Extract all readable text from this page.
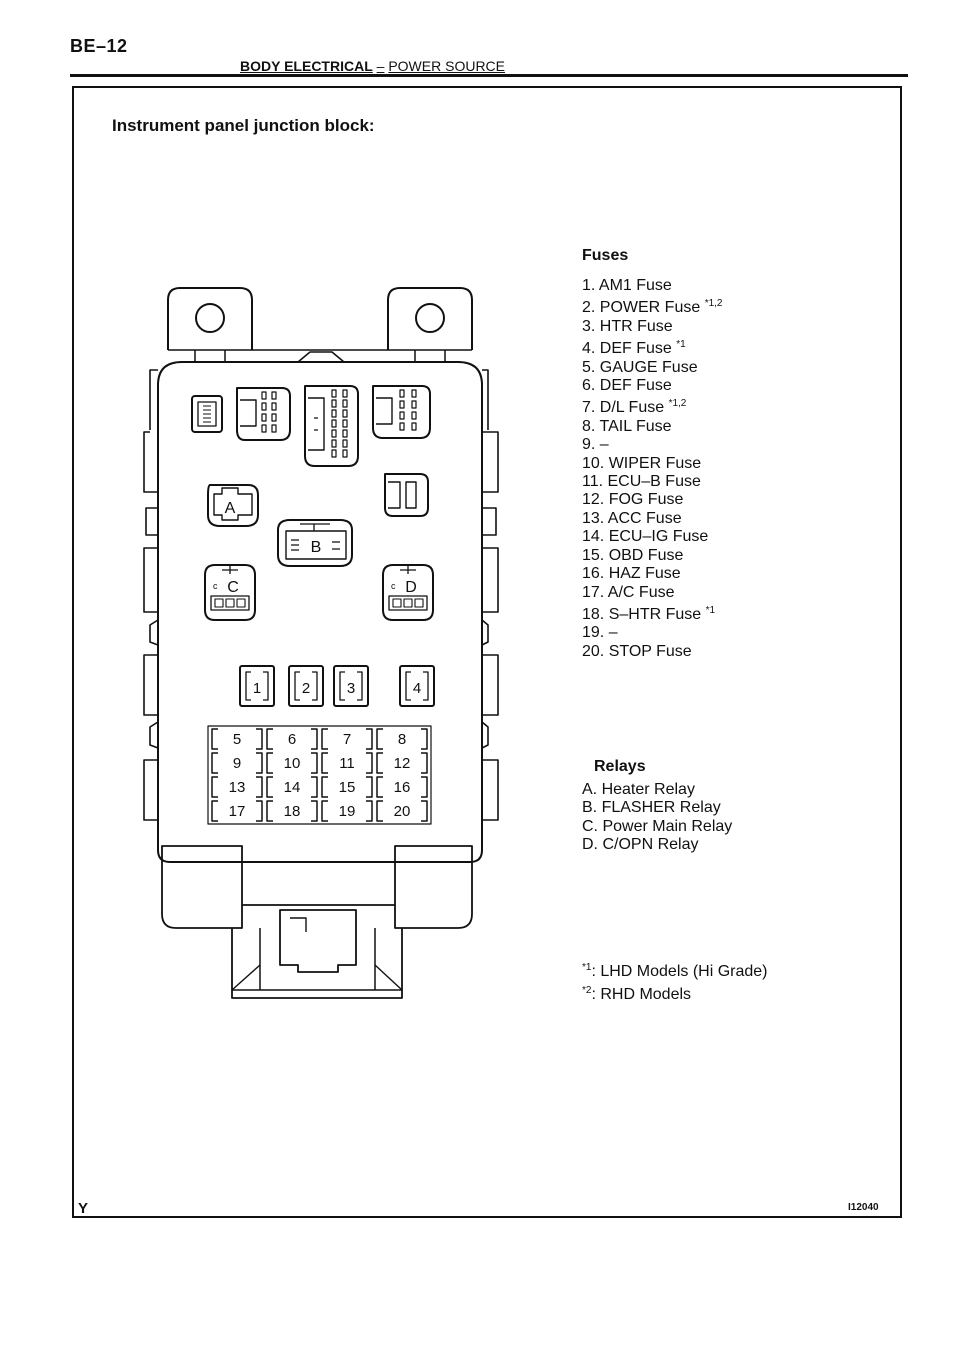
BE–12
BODY ELECTRICAL – POWER SOURCE
Instrument panel junction block:
A
B
c C	c D
1	2 3	4
5	6	7	8
9	10	11	12
13	14	15	16
17	18	19	20
Fuses
1. AM1 Fuse
2. POWER Fuse $^{*1,2}$
3. HTR Fuse
4. DEF Fuse $^{*1}$
5. GAUGE Fuse
6. DEF Fuse
7. D/L Fuse $^{*1,2}$
8. TAIL Fuse
9. –
10. WIPER Fuse
11. ECU–B Fuse
12. FOG Fuse
13. ACC Fuse
14. ECU–IG Fuse
15. OBD Fuse
16. HAZ Fuse
17. A/C Fuse
18. S–HTR Fuse $^{*1}$
19. –
20. STOP Fuse
Relays
A. Heater Relay
B. FLASHER Relay
C. Power Main Relay
D. C/OPN Relay
$^{*1}$: LHD Models (Hi Grade)
$^{*2}$: RHD Models
Y	I12040
